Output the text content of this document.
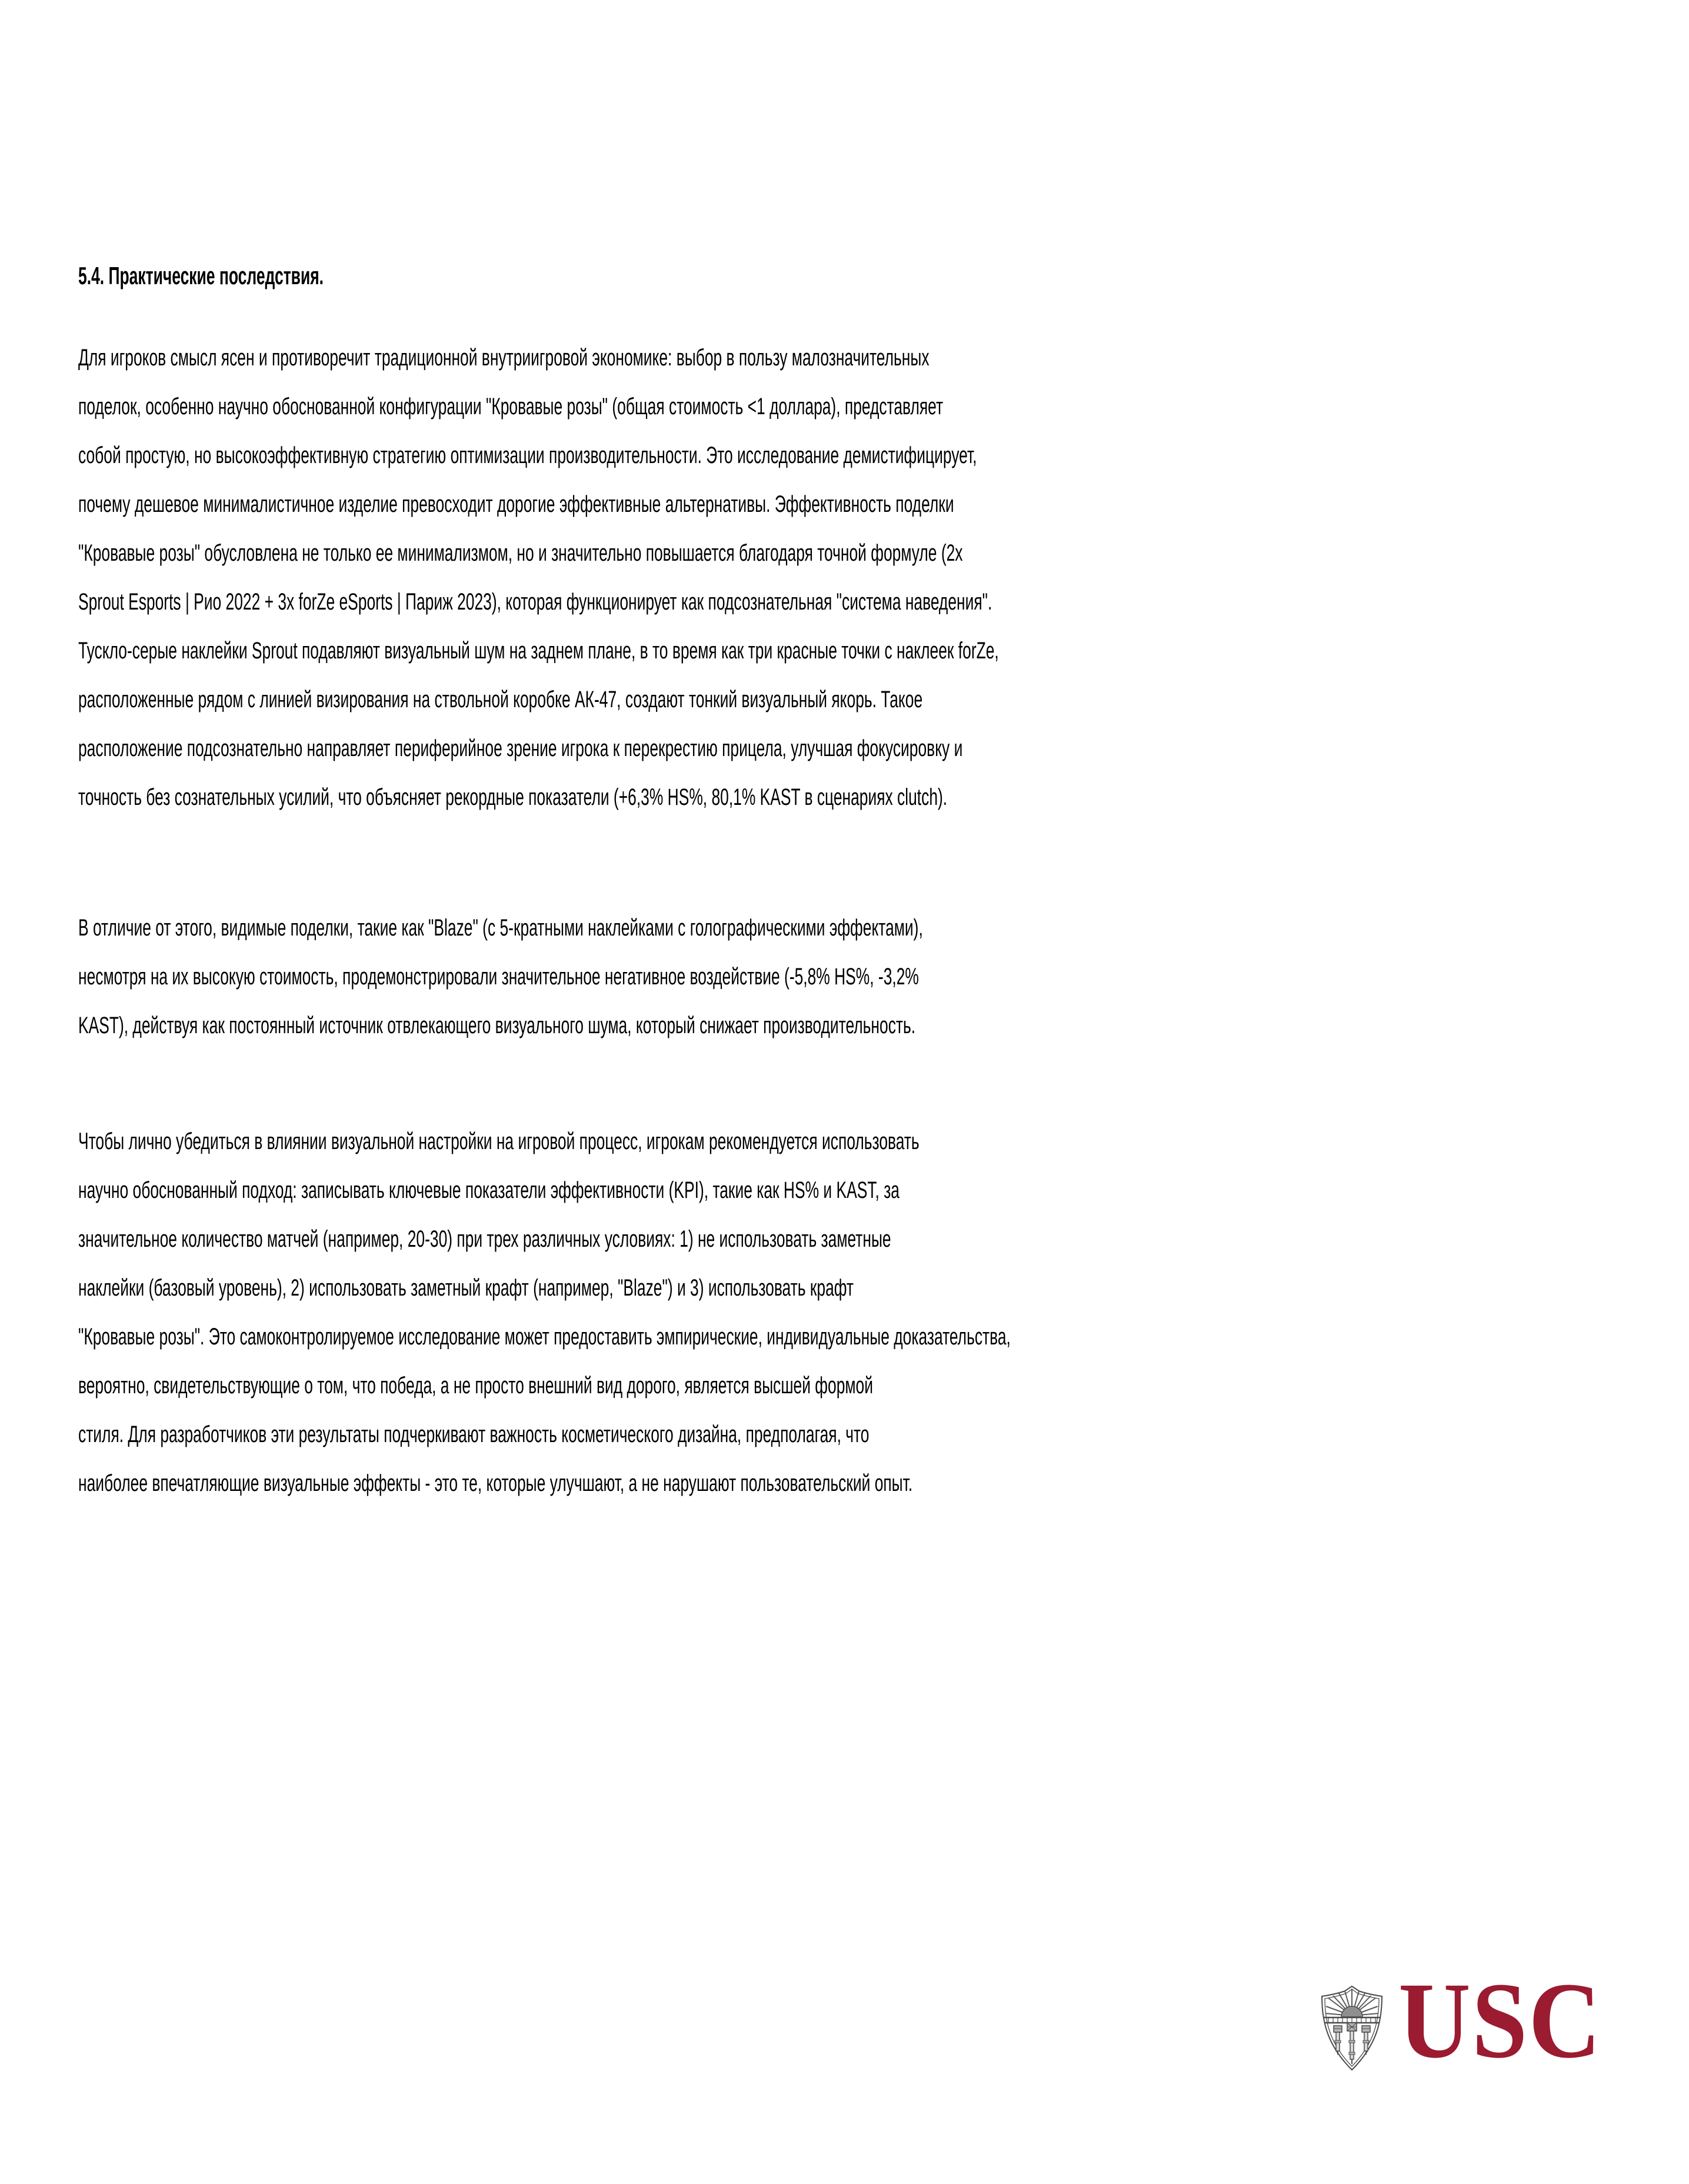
5.4. Практические последствия.
Для игроков смысл ясен и противоречит традиционной внутриигровой экономике: выбор в пользу малозначительных
поделок, особенно научно обоснованной конфигурации "Кровавые розы" (общая стоимость <1 доллара), представляет
собой простую, но высокоэффективную стратегию оптимизации производительности. Это исследование демистифицирует,
почему дешевое минималистичное изделие превосходит дорогие эффективные альтернативы. Эффективность поделки
"Кровавые розы" обусловлена не только ее минимализмом, но и значительно повышается благодаря точной формуле (2x
Sprout Esports | Рио 2022 + 3x forZe eSports | Париж 2023), которая функционирует как подсознательная "система наведения".
Тускло-серые наклейки Sprout подавляют визуальный шум на заднем плане, в то время как три красные точки с наклеек forZe,
расположенные рядом с линией визирования на ствольной коробке АК-47, создают тонкий визуальный якорь. Такое
расположение подсознательно направляет периферийное зрение игрока к перекрестию прицела, улучшая фокусировку и
точность без сознательных усилий, что объясняет рекордные показатели (+6,3% HS%, 80,1% KAST в сценариях clutch).
В отличие от этого, видимые поделки, такие как "Blaze" (с 5-кратными наклейками с голографическими эффектами),
несмотря на их высокую стоимость, продемонстрировали значительное негативное воздействие (-5,8% HS%, -3,2%
KAST), действуя как постоянный источник отвлекающего визуального шума, который снижает производительность.
Чтобы лично убедиться в влиянии визуальной настройки на игровой процесс, игрокам рекомендуется использовать
научно обоснованный подход: записывать ключевые показатели эффективности (KPI), такие как HS% и KAST, за
значительное количество матчей (например, 20-30) при трех различных условиях: 1) не использовать заметные
наклейки (базовый уровень), 2) использовать заметный крафт (например, "Blaze") и 3) использовать крафт
"Кровавые розы". Это самоконтролируемое исследование может предоставить эмпирические, индивидуальные доказательства,
вероятно, свидетельствующие о том, что победа, а не просто внешний вид дорого, является высшей формой
стиля. Для разработчиков эти результаты подчеркивают важность косметического дизайна, предполагая, что
наиболее впечатляющие визуальные эффекты - это те, которые улучшают, а не нарушают пользовательский опыт.
USC
